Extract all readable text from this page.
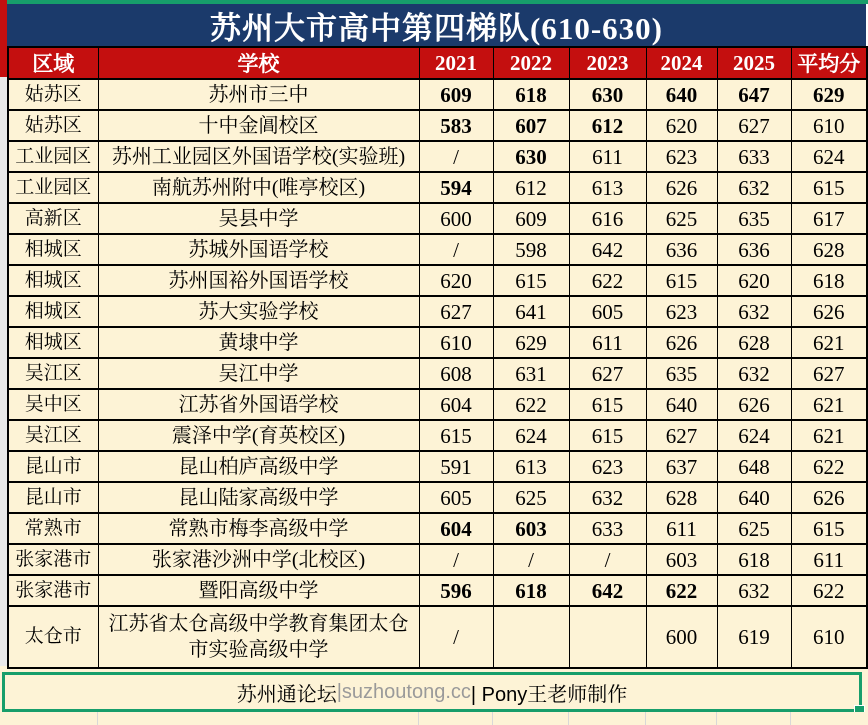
苏州大市高中第四梯队(610-630)
区域	学校	2021	2022	2023	2024	2025	平均分
姑苏区	苏州市三中	609	618	630	640	647	629
姑苏区	十中金阊校区	583	607	612	620	627	610
工业园区	苏州工业园区外国语学校(实验班)	/	630	611	623	633	624
工业园区	南航苏州附中(唯亭校区)	594	612	613	626	632	615
高新区	吴县中学	600	609	616	625	635	617
相城区	苏城外国语学校	/	598	642	636	636	628
相城区	苏州国裕外国语学校	620	615	622	615	620	618
相城区	苏大实验学校	627	641	605	623	632	626
相城区	黄埭中学	610	629	611	626	628	621
吴江区	吴江中学	608	631	627	635	632	627
吴中区	江苏省外国语学校	604	622	615	640	626	621
吴江区	震泽中学(育英校区)	615	624	615	627	624	621
昆山市	昆山柏庐高级中学	591	613	623	637	648	622
昆山市	昆山陆家高级中学	605	625	632	628	640	626
常熟市	常熟市梅李高级中学	604	603	633	611	625	615
张家港市	张家港沙洲中学(北校区)	/	/	/	603	618	611
张家港市	暨阳高级中学	596	618	642	622	632	622
太仓市	江苏省太仓高级中学教育集团太仓市实验高级中学	/			600	619	610
苏州通论坛 |suzhoutong.cc | Pony王老师制作
